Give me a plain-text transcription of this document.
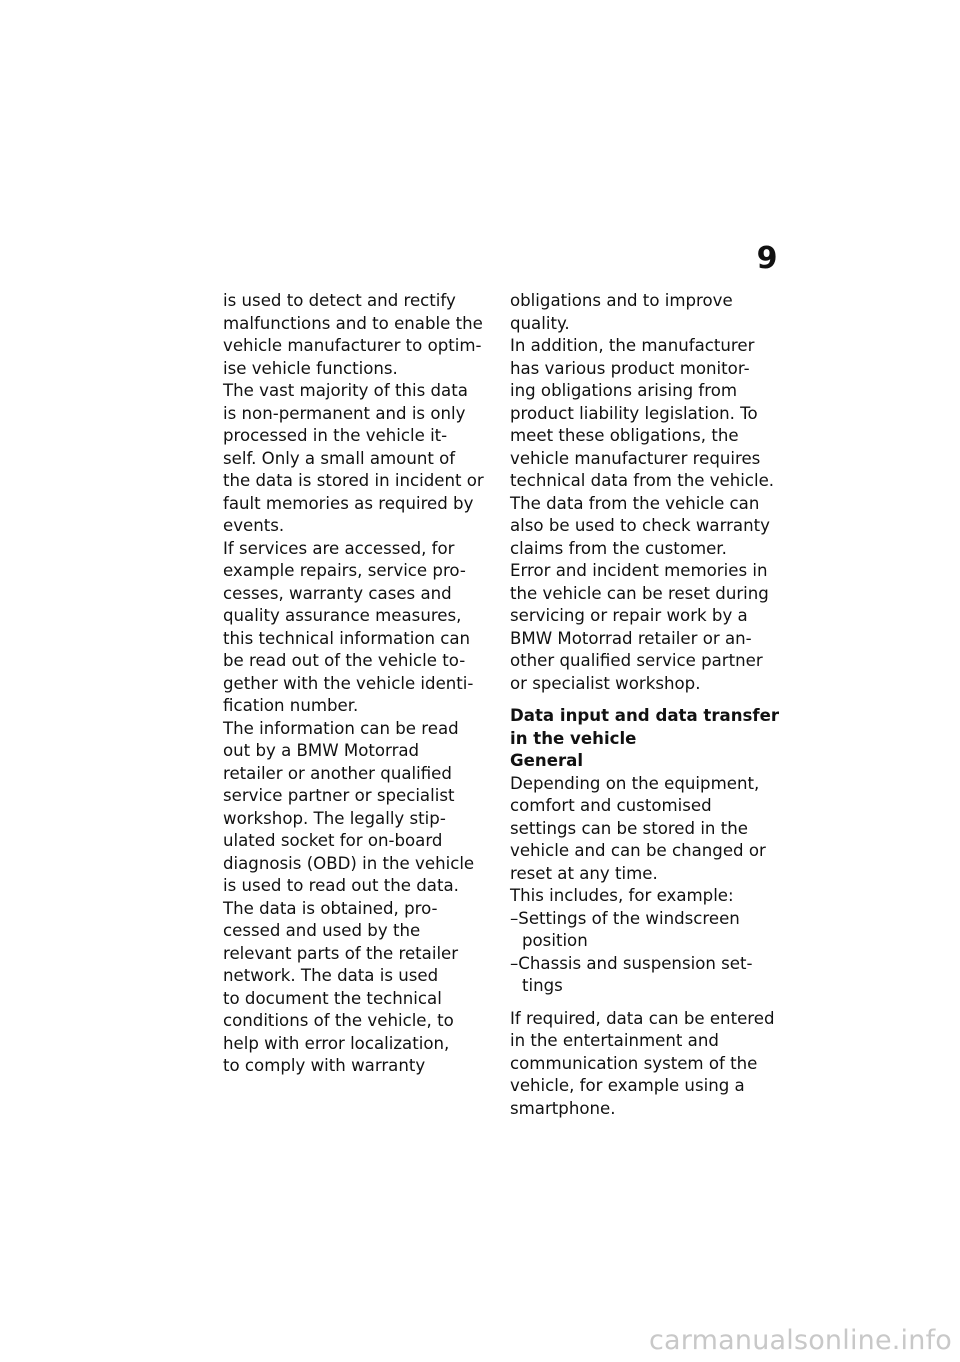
9
is used to detect and rectify
malfunctions and to enable the
vehicle manufacturer to optim-
ise vehicle functions.
The vast majority of this data
is non-permanent and is only
processed in the vehicle it-
self. Only a small amount of
the data is stored in incident or
fault memories as required by
events.
If services are accessed, for
example repairs, service pro-
cesses, warranty cases and
quality assurance measures,
this technical information can
be read out of the vehicle to-
gether with the vehicle identi-
fication number.
The information can be read
out by a BMW Motorrad
retailer or another qualified
service partner or specialist
workshop. The legally stip-
ulated socket for on-board
diagnosis (OBD) in the vehicle
is used to read out the data.
The data is obtained, pro-
cessed and used by the
relevant parts of the retailer
network. The data is used
to document the technical
conditions of the vehicle, to
help with error localization,
to comply with warranty
obligations and to improve
quality.
In addition, the manufacturer
has various product monitor-
ing obligations arising from
product liability legislation. To
meet these obligations, the
vehicle manufacturer requires
technical data from the vehicle.
The data from the vehicle can
also be used to check warranty
claims from the customer.
Error and incident memories in
the vehicle can be reset during
servicing or repair work by a
BMW Motorrad retailer or an-
other qualified service partner
or specialist workshop.
Data input and data transfer
in the vehicle
General
Depending on the equipment,
comfort and customised
settings can be stored in the
vehicle and can be changed or
reset at any time.
This includes, for example:
–Settings of the windscreen
position
–Chassis and suspension set-
tings
If required, data can be entered
in the entertainment and
communication system of the
vehicle, for example using a
smartphone.
carmanualsonline.info
